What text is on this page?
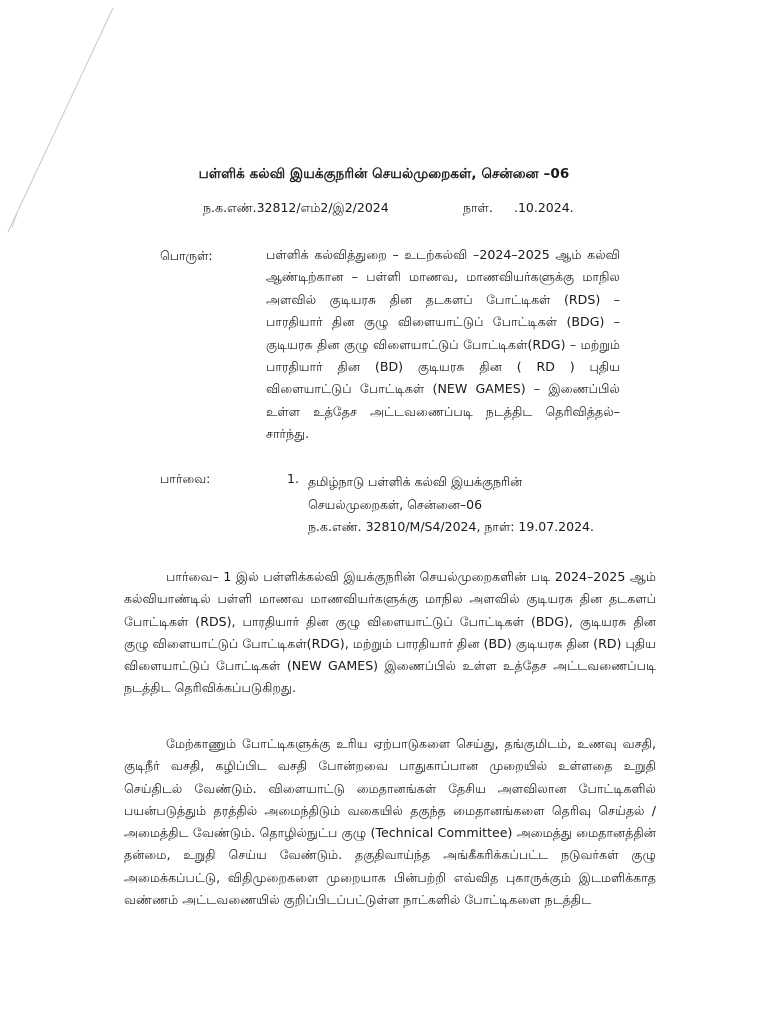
பள்ளிக் கல்வி இயக்குநரின் செயல்முறைகள், சென்னை –06
ந.க.எண்.32812/எம்2/இ2/2024	நாள். .10.2024.
பொருள்:	பள்ளிக் கல்வித்துறை – உடற்கல்வி –2024–2025 ஆம் கல்வி ஆண்டிற்கான – பள்ளி மாணவ, மாணவியர்களுக்கு மாநில அளவில் குடியரசு தின தடகளப் போட்டிகள் (RDS) – பாரதியார் தின குழு விளையாட்டுப் போட்டிகள் (BDG) – குடியரசு தின குழு விளையாட்டுப் போட்டிகள்(RDG) – மற்றும் பாரதியார் தின (BD) குடியரசு தின ( RD ) புதிய விளையாட்டுப் போட்டிகள் (NEW GAMES) – இணைப்பில் உள்ள உத்தேச அட்டவணைப்படி நடத்திட தெரிவித்தல்– சார்ந்து.
பார்வை:	1. தமிழ்நாடு பள்ளிக் கல்வி இயக்குநரின்
செயல்முறைகள், சென்னை–06
ந.க.எண். 32810/M/S4/2024, நாள்: 19.07.2024.
பார்வை– 1 இல் பள்ளிக்கல்வி இயக்குநரின் செயல்முறைகளின் படி 2024–2025 ஆம் கல்வியாண்டில் பள்ளி மாணவ மாணவியர்களுக்கு மாநில அளவில் குடியரசு தின தடகளப் போட்டிகள் (RDS), பாரதியார் தின குழு விளையாட்டுப் போட்டிகள் (BDG), குடியரசு தின குழு விளையாட்டுப் போட்டிகள்(RDG), மற்றும் பாரதியார் தின (BD) குடியரசு தின (RD) புதிய விளையாட்டுப் போட்டிகள் (NEW GAMES) இணைப்பில் உள்ள உத்தேச அட்டவணைப்படி நடத்திட தெரிவிக்கப்படுகிறது.
மேற்காணும் போட்டிகளுக்கு உரிய ஏற்பாடுகளை செய்து, தங்குமிடம், உணவு வசதி, குடிநீர் வசதி, கழிப்பிட வசதி போன்றவை பாதுகாப்பான முறையில் உள்ளதை உறுதி செய்திடல் வேண்டும். விளையாட்டு மைதானங்கள் தேசிய அளவிலான போட்டிகளில் பயன்படுத்தும் தரத்தில் அமைந்திடும் வகையில் தகுந்த மைதானங்களை தெரிவு செய்தல் / அமைத்திட வேண்டும். தொழில்நுட்ப குழு (Technical Committee) அமைத்து மைதானத்தின் தன்மை, உறுதி செய்ய வேண்டும். தகுதிவாய்ந்த அங்கீகரிக்கப்பட்ட நடுவர்கள் குழு அமைக்கப்பட்டு, விதிமுறைகளை முறையாக பின்பற்றி எவ்வித புகாருக்கும் இடமளிக்காத வண்ணம் அட்டவணையில் குறிப்பிடப்பட்டுள்ள நாட்களில் போட்டிகளை நடத்திட
